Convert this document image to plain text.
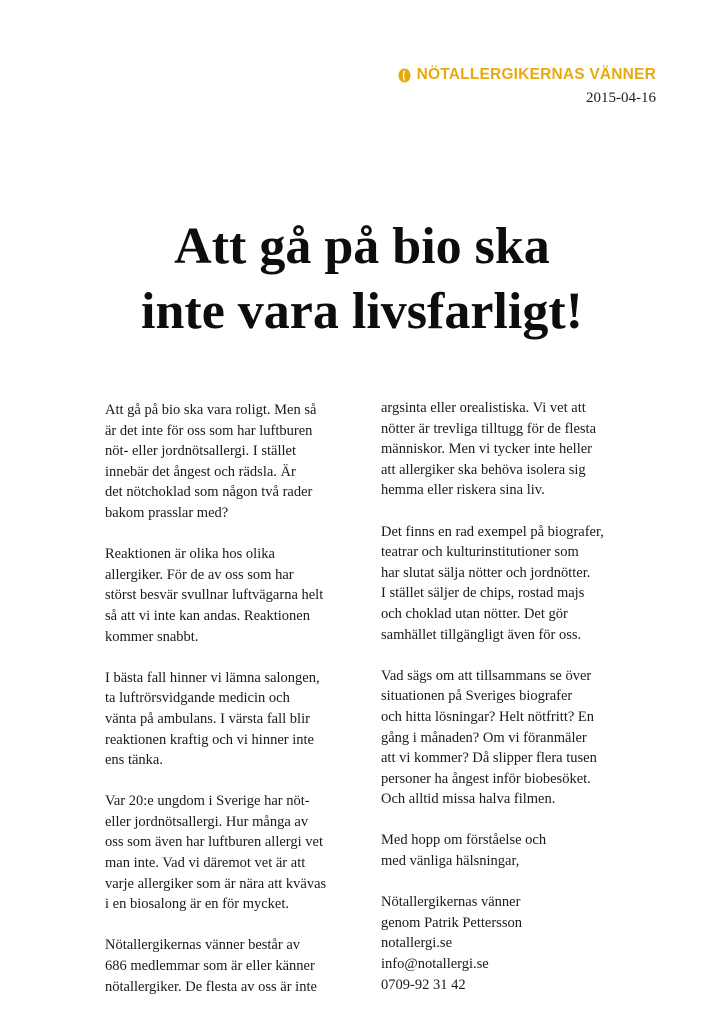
NÖTALLERGIKERNAS VÄNNER
2015-04-16
Att gå på bio ska
inte vara livsfarligt!

Att gå på bio ska vara roligt. Men så
är det inte för oss som har luftburen
nöt- eller jordnötsallergi. I stället
innebär det ångest och rädsla. Är
det nötchoklad som någon två rader
bakom prasslar med?

Reaktionen är olika hos olika
allergiker. För de av oss som har
störst besvär svullnar luftvägarna helt
så att vi inte kan andas. Reaktionen
kommer snabbt.

I bästa fall hinner vi lämna salongen,
ta luftrörsvidgande medicin och
vänta på ambulans. I värsta fall blir
reaktionen kraftig och vi hinner inte
ens tänka.

Var 20:e ungdom i Sverige har nöt-
eller jordnötsallergi. Hur många av
oss som även har luftburen allergi vet
man inte. Vad vi däremot vet är att
varje allergiker som är nära att kvävas
i en biosalong är en för mycket.

Nötallergikernas vänner består av
686 medlemmar som är eller känner
nötallergiker. De flesta av oss är inte

argsinta eller orealistiska. Vi vet att
nötter är trevliga tilltugg för de flesta
människor. Men vi tycker inte heller
att allergiker ska behöva isolera sig
hemma eller riskera sina liv.

Det finns en rad exempel på biografer,
teatrar och kulturinstitutioner som
har slutat sälja nötter och jordnötter.
I stället säljer de chips, rostad majs
och choklad utan nötter. Det gör
samhället tillgängligt även för oss.

Vad sägs om att tillsammans se över
situationen på Sveriges biografer
och hitta lösningar? Helt nötfritt? En
gång i månaden? Om vi föranmäler
att vi kommer? Då slipper flera tusen
personer ha ångest inför biobesöket.
Och alltid missa halva filmen.

Med hopp om förståelse och
med vänliga hälsningar,

Nötallergikernas vänner
genom Patrik Pettersson
notallergi.se
info@notallergi.se
0709-92 31 42
